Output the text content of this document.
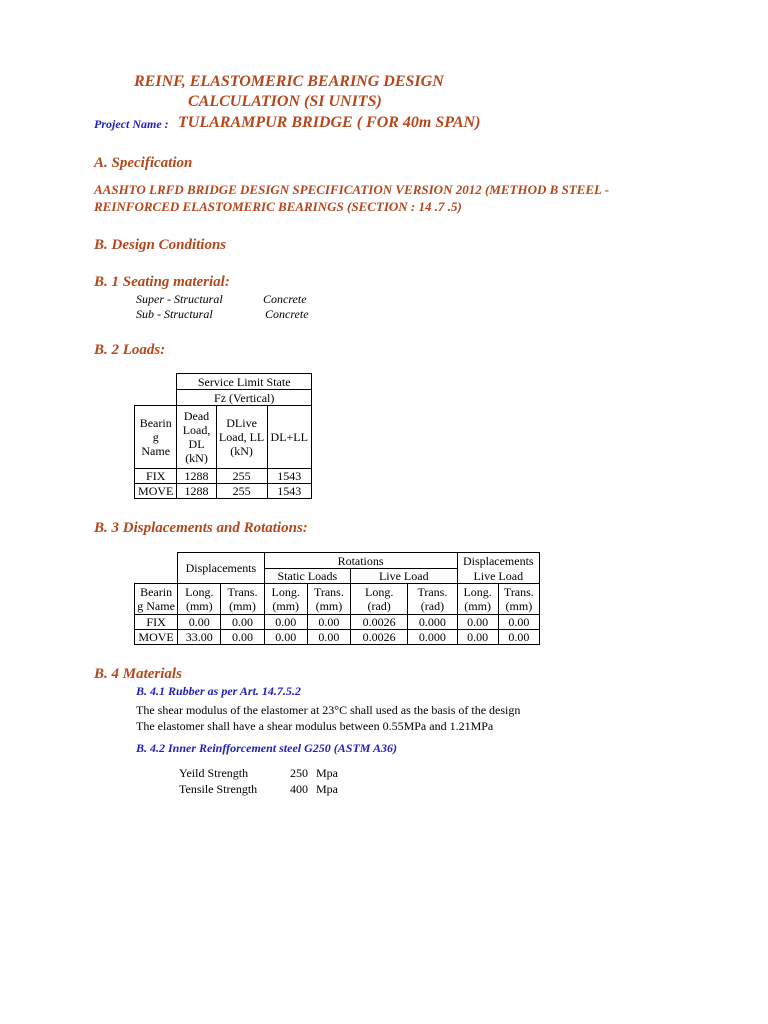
REINF, ELASTOMERIC BEARING DESIGN
CALCULATION (SI UNITS)
Project Name : TULARAMPUR BRIDGE ( FOR 40m SPAN)
A. Specification
AASHTO LRFD BRIDGE DESIGN SPECIFICATION VERSION 2012 (METHOD B STEEL - REINFORCED ELASTOMERIC BEARINGS (SECTION : 14 .7 .5)
B. Design Conditions
B. 1 Seating material:
Super - Structural	Concrete
Sub - Structural	Concrete
B. 2 Loads:
	Service Limit State		
	Fz (Vertical)		
Bearin g Name	Dead Load, DL (kN)	DLive Load, LL (kN)	DL+LL
FIX	1288	255	1543
MOVE	1288	255	1543
B. 3 Displacements and Rotations:
	Displacements		Rotations				Displacements	
			Static Loads		Live Load		Live Load	
Bearin g Name	Long. (mm)	Trans. (mm)	Long. (mm)	Trans. (mm)	Long. (rad)	Trans. (rad)	Long. (mm)	Trans. (mm)
FIX	0.00	0.00	0.00	0.00	0.0026	0.000	0.00	0.00
MOVE	33.00	0.00	0.00	0.00	0.0026	0.000	0.00	0.00
B. 4 Materials
B. 4.1 Rubber as per Art. 14.7.5.2
The shear modulus of the elastomer at 23°C shall used as the basis of the design
The elastomer shall have a shear modulus between 0.55MPa and 1.21MPa
B. 4.2 Inner Reinfforcement steel G250 (ASTM A36)
Yeild Strength	250 Mpa
Tensile Strength	400 Mpa
